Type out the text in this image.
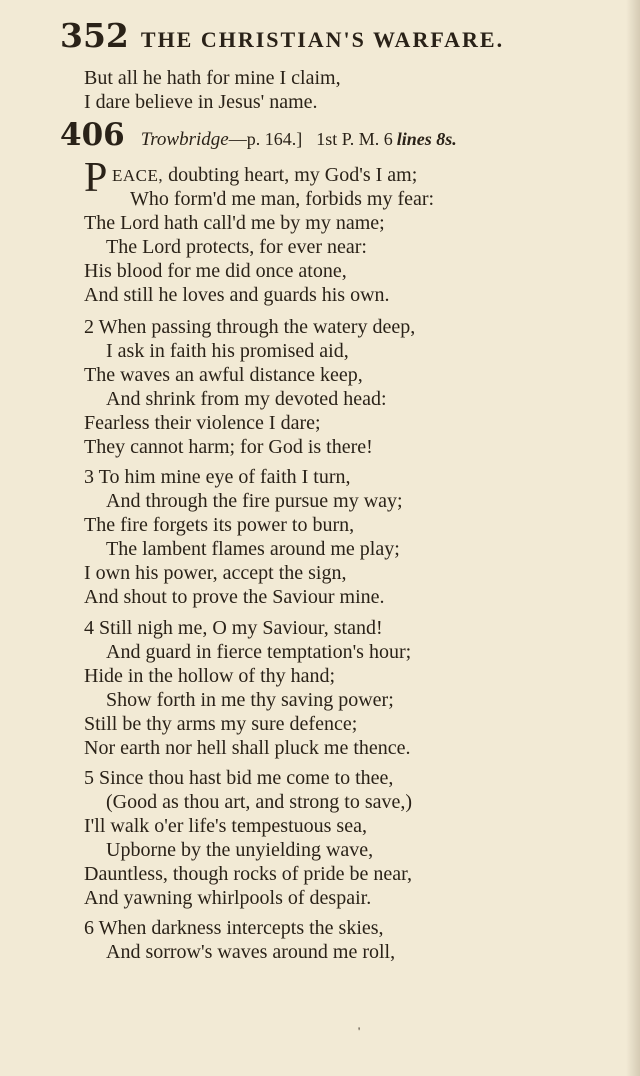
352 THE CHRISTIAN'S WARFARE.
But all he hath for mine I claim,
I dare believe in Jesus' name.
406 Trowbridge—p. 164.] 1st P. M. 6 lines 8s.
P EACE, doubting heart, my God's I am;
Who form'd me man, forbids my fear:
The Lord hath call'd me by my name;
The Lord protects, for ever near:
His blood for me did once atone,
And still he loves and guards his own.
2 When passing through the watery deep,
I ask in faith his promised aid,
The waves an awful distance keep,
And shrink from my devoted head:
Fearless their violence I dare;
They cannot harm; for God is there!
3 To him mine eye of faith I turn,
And through the fire pursue my way;
The fire forgets its power to burn,
The lambent flames around me play;
I own his power, accept the sign,
And shout to prove the Saviour mine.
4 Still nigh me, O my Saviour, stand!
And guard in fierce temptation's hour;
Hide in the hollow of thy hand;
Show forth in me thy saving power;
Still be thy arms my sure defence;
Nor earth nor hell shall pluck me thence.
5 Since thou hast bid me come to thee,
(Good as thou art, and strong to save,)
I'll walk o'er life's tempestuous sea,
Upborne by the unyielding wave,
Dauntless, though rocks of pride be near,
And yawning whirlpools of despair.
6 When darkness intercepts the skies,
And sorrow's waves around me roll,
'
